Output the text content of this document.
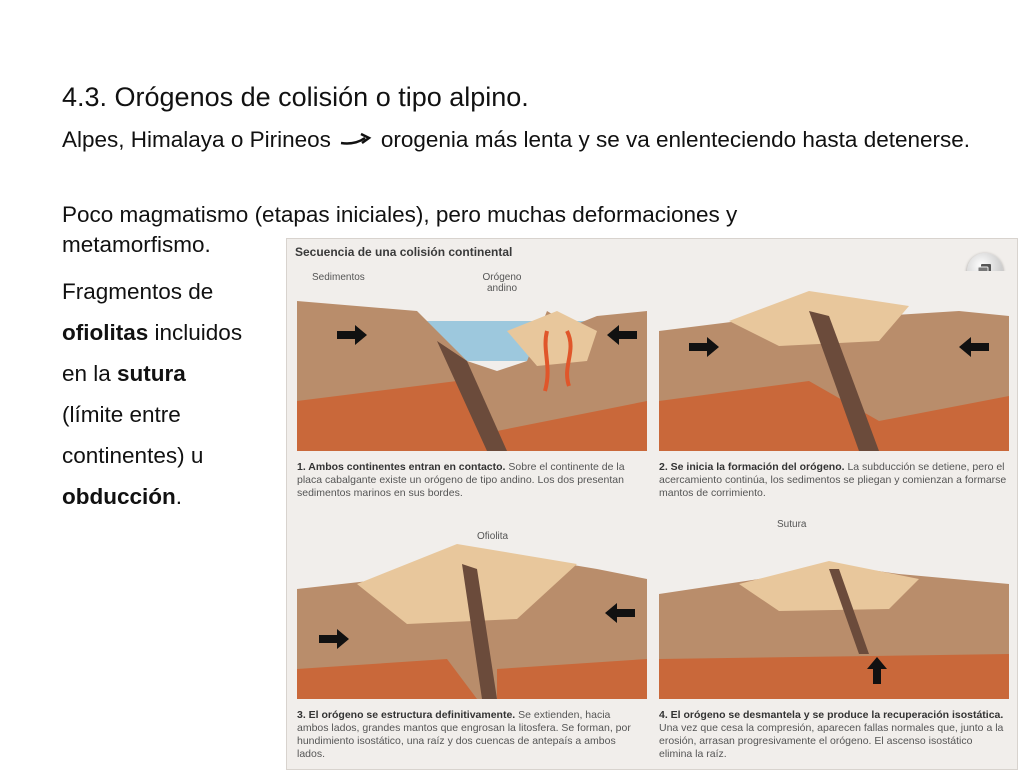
4.3. Orógenos de colisión o tipo alpino.
Alpes, Himalaya o Pirineos orogenia más lenta y se va enlenteciendo hasta detenerse.
Poco magmatismo (etapas iniciales), pero muchas deformaciones y metamorfismo.
Fragmentos de
ofiolitas incluidos
en la sutura
(límite entre
continentes) u
obducción.
Secuencia de una colisión continental
Sedimentos	Orógeno
andino
Ofiolita
Sutura
1. Ambos continentes entran en contacto. Sobre el continente de la placa cabalgante existe un orógeno de tipo andino. Los dos presentan sedimentos marinos en sus bordes.
2. Se inicia la formación del orógeno. La subducción se detiene, pero el acercamiento continúa, los sedimentos se pliegan y comienzan a formarse mantos de corrimiento.
3. El orógeno se estructura definitivamente. Se extienden, hacia ambos lados, grandes mantos que engrosan la litosfera. Se forman, por hundimiento isostático, una raíz y dos cuencas de antepaís a ambos lados.
4. El orógeno se desmantela y se produce la recuperación isostática. Una vez que cesa la compresión, aparecen fallas normales que, junto a la erosión, arrasan progresivamente el orógeno. El ascenso isostático elimina la raíz.
